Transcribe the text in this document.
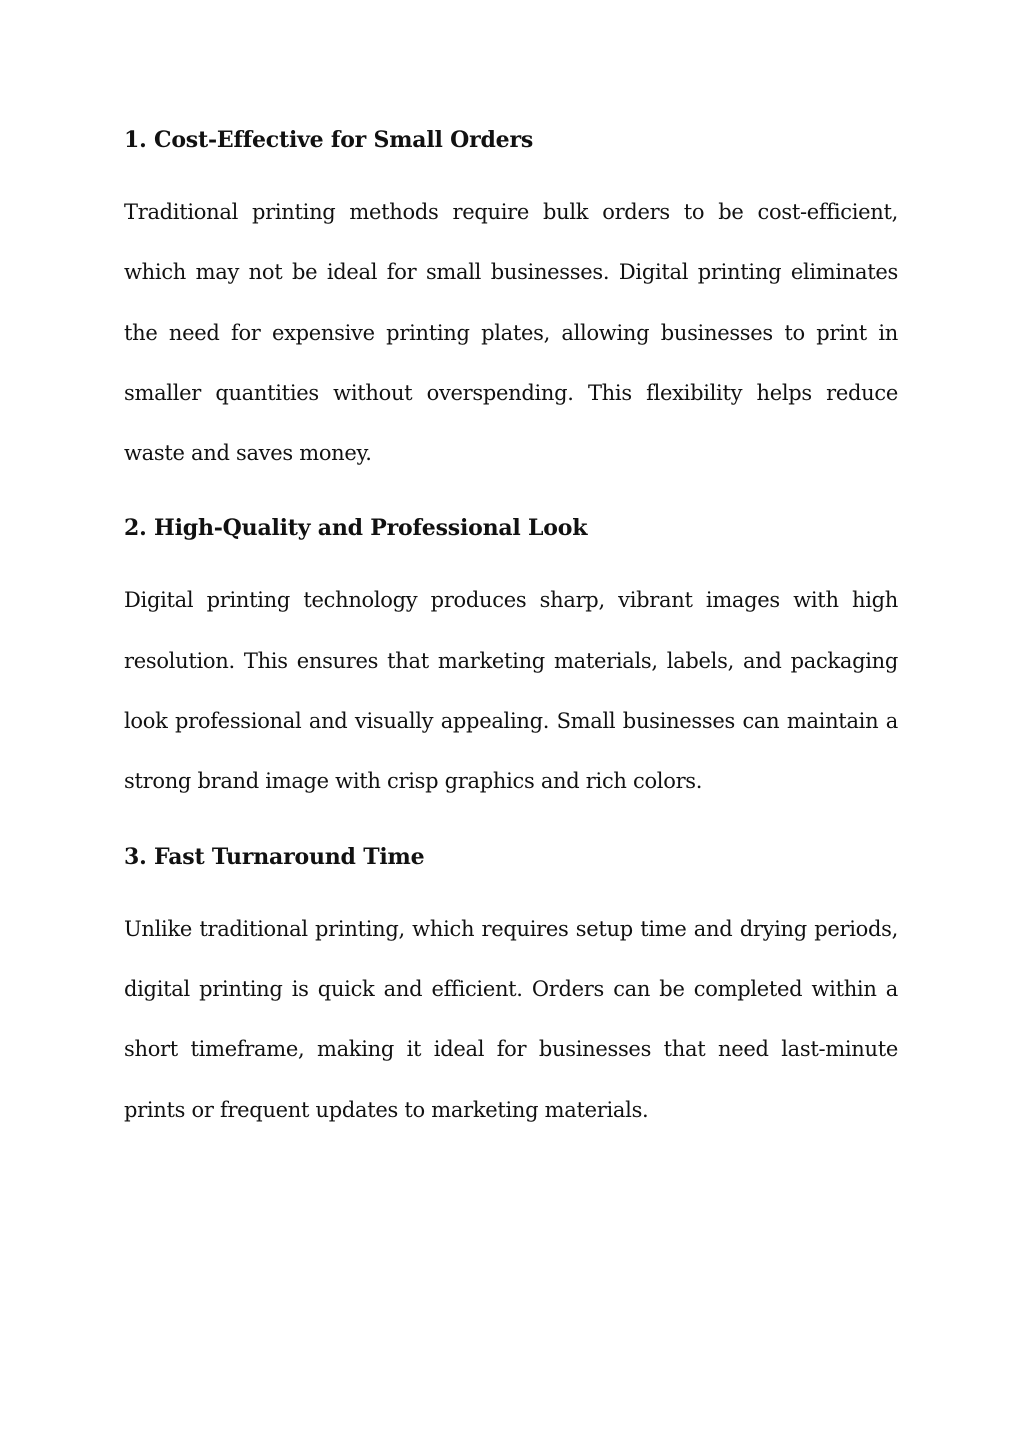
1. Cost-Effective for Small Orders

Traditional printing methods require bulk orders to be cost-efficient, which may not be ideal for small businesses. Digital printing eliminates the need for expensive printing plates, allowing businesses to print in smaller quantities without overspending. This flexibility helps reduce waste and saves money.

2. High-Quality and Professional Look

Digital printing technology produces sharp, vibrant images with high resolution. This ensures that marketing materials, labels, and packaging look professional and visually appealing. Small businesses can maintain a strong brand image with crisp graphics and rich colors.

3. Fast Turnaround Time

Unlike traditional printing, which requires setup time and drying periods, digital printing is quick and efficient. Orders can be completed within a short timeframe, making it ideal for businesses that need last-minute prints or frequent updates to marketing materials.
